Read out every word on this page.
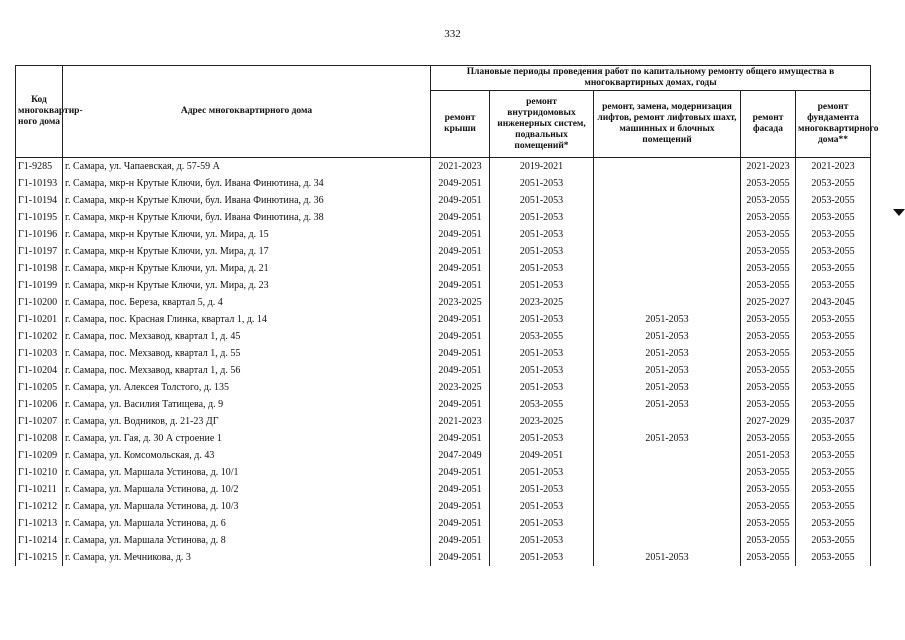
332
Код многоквартир-ного дома	Адрес многоквартирного дома	Плановые периоды проведения работ по капитальному ремонту общего имущества в многоквартирных домах, годы				
		ремонт крыши	ремонт внутридомовых инженерных систем, подвальных помещений*	ремонт, замена, модернизация лифтов, ремонт лифтовых шахт, машинных и блочных помещений	ремонт фасада	ремонт фундамента многоквартирного дома**
Г1-9285	г. Самара, ул. Чапаевская, д. 57-59 А	2021-2023	2019-2021		2021-2023	2021-2023
Г1-10193	г. Самара, мкр-н Крутые Ключи, бул. Ивана Финютина, д. 34	2049-2051	2051-2053		2053-2055	2053-2055
Г1-10194	г. Самара, мкр-н Крутые Ключи, бул. Ивана Финютина, д. 36	2049-2051	2051-2053		2053-2055	2053-2055
Г1-10195	г. Самара, мкр-н Крутые Ключи, бул. Ивана Финютина, д. 38	2049-2051	2051-2053		2053-2055	2053-2055
Г1-10196	г. Самара, мкр-н Крутые Ключи, ул. Мира, д. 15	2049-2051	2051-2053		2053-2055	2053-2055
Г1-10197	г. Самара, мкр-н Крутые Ключи, ул. Мира, д. 17	2049-2051	2051-2053		2053-2055	2053-2055
Г1-10198	г. Самара, мкр-н Крутые Ключи, ул. Мира, д. 21	2049-2051	2051-2053		2053-2055	2053-2055
Г1-10199	г. Самара, мкр-н Крутые Ключи, ул. Мира, д. 23	2049-2051	2051-2053		2053-2055	2053-2055
Г1-10200	г. Самара, пос. Береза, квартал 5, д. 4	2023-2025	2023-2025		2025-2027	2043-2045
Г1-10201	г. Самара, пос. Красная Глинка, квартал 1, д. 14	2049-2051	2051-2053	2051-2053	2053-2055	2053-2055
Г1-10202	г. Самара, пос. Мехзавод, квартал 1, д. 45	2049-2051	2053-2055	2051-2053	2053-2055	2053-2055
Г1-10203	г. Самара, пос. Мехзавод, квартал 1, д. 55	2049-2051	2051-2053	2051-2053	2053-2055	2053-2055
Г1-10204	г. Самара, пос. Мехзавод, квартал 1, д. 56	2049-2051	2051-2053	2051-2053	2053-2055	2053-2055
Г1-10205	г. Самара, ул. Алексея Толстого, д. 135	2023-2025	2051-2053	2051-2053	2053-2055	2053-2055
Г1-10206	г. Самара, ул. Василия Татищева, д. 9	2049-2051	2053-2055	2051-2053	2053-2055	2053-2055
Г1-10207	г. Самара, ул. Водников, д. 21-23 ДГ	2021-2023	2023-2025		2027-2029	2035-2037
Г1-10208	г. Самара, ул. Гая, д. 30 А строение 1	2049-2051	2051-2053	2051-2053	2053-2055	2053-2055
Г1-10209	г. Самара, ул. Комсомольская, д. 43	2047-2049	2049-2051		2051-2053	2053-2055
Г1-10210	г. Самара, ул. Маршала Устинова, д. 10/1	2049-2051	2051-2053		2053-2055	2053-2055
Г1-10211	г. Самара, ул. Маршала Устинова, д. 10/2	2049-2051	2051-2053		2053-2055	2053-2055
Г1-10212	г. Самара, ул. Маршала Устинова, д. 10/3	2049-2051	2051-2053		2053-2055	2053-2055
Г1-10213	г. Самара, ул. Маршала Устинова, д. 6	2049-2051	2051-2053		2053-2055	2053-2055
Г1-10214	г. Самара, ул. Маршала Устинова, д. 8	2049-2051	2051-2053		2053-2055	2053-2055
Г1-10215	г. Самара, ул. Мечникова, д. 3	2049-2051	2051-2053	2051-2053	2053-2055	2053-2055
